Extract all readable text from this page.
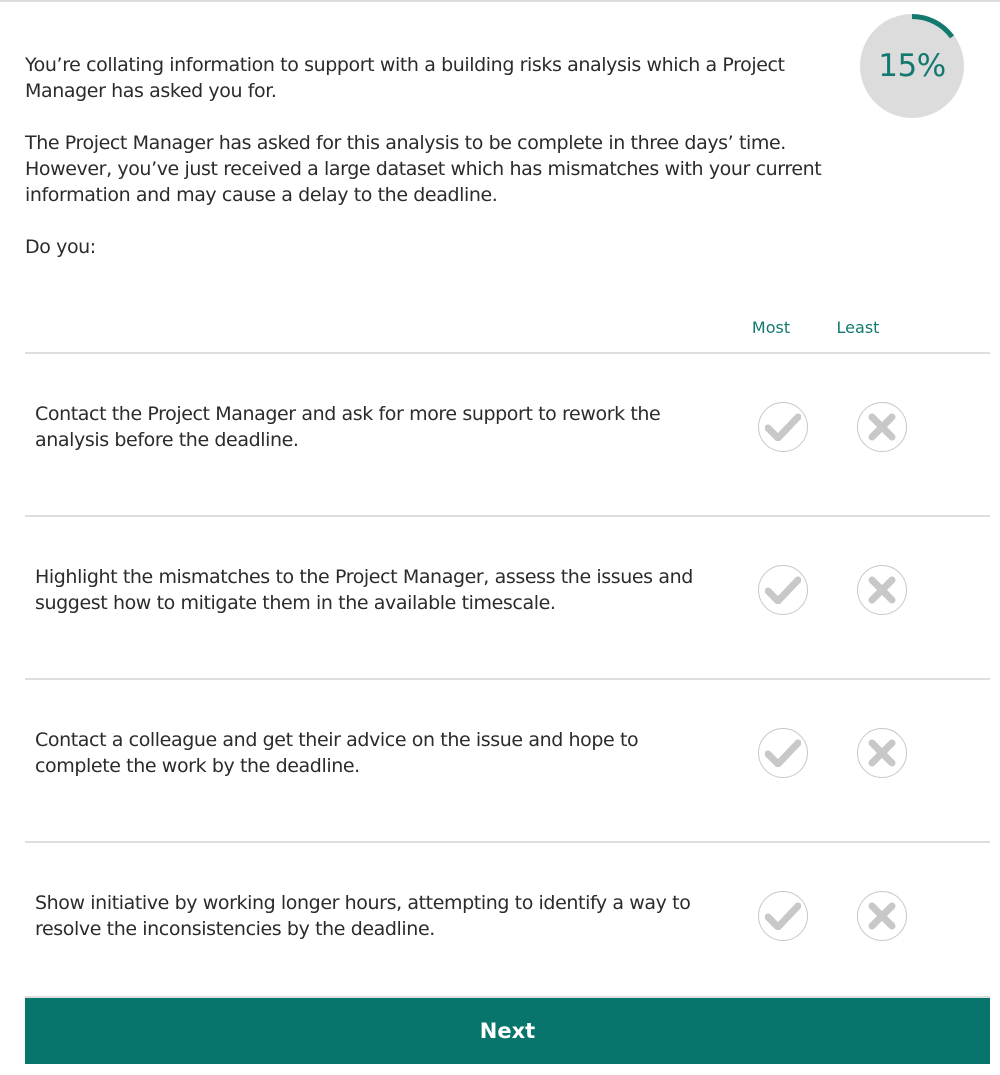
You’re collating information to support with a building risks analysis which a Project Manager has asked you for.

The Project Manager has asked for this analysis to be complete in three days’ time. However, you’ve just received a large dataset which has mismatches with your current information and may cause a delay to the deadline.

Do you:

15%
Most	Least
Contact the Project Manager and ask for more support to rework the analysis before the deadline.
Highlight the mismatches to the Project Manager, assess the issues and suggest how to mitigate them in the available timescale.
Contact a colleague and get their advice on the issue and hope to complete the work by the deadline.
Show initiative by working longer hours, attempting to identify a way to resolve the inconsistencies by the deadline.
Next
